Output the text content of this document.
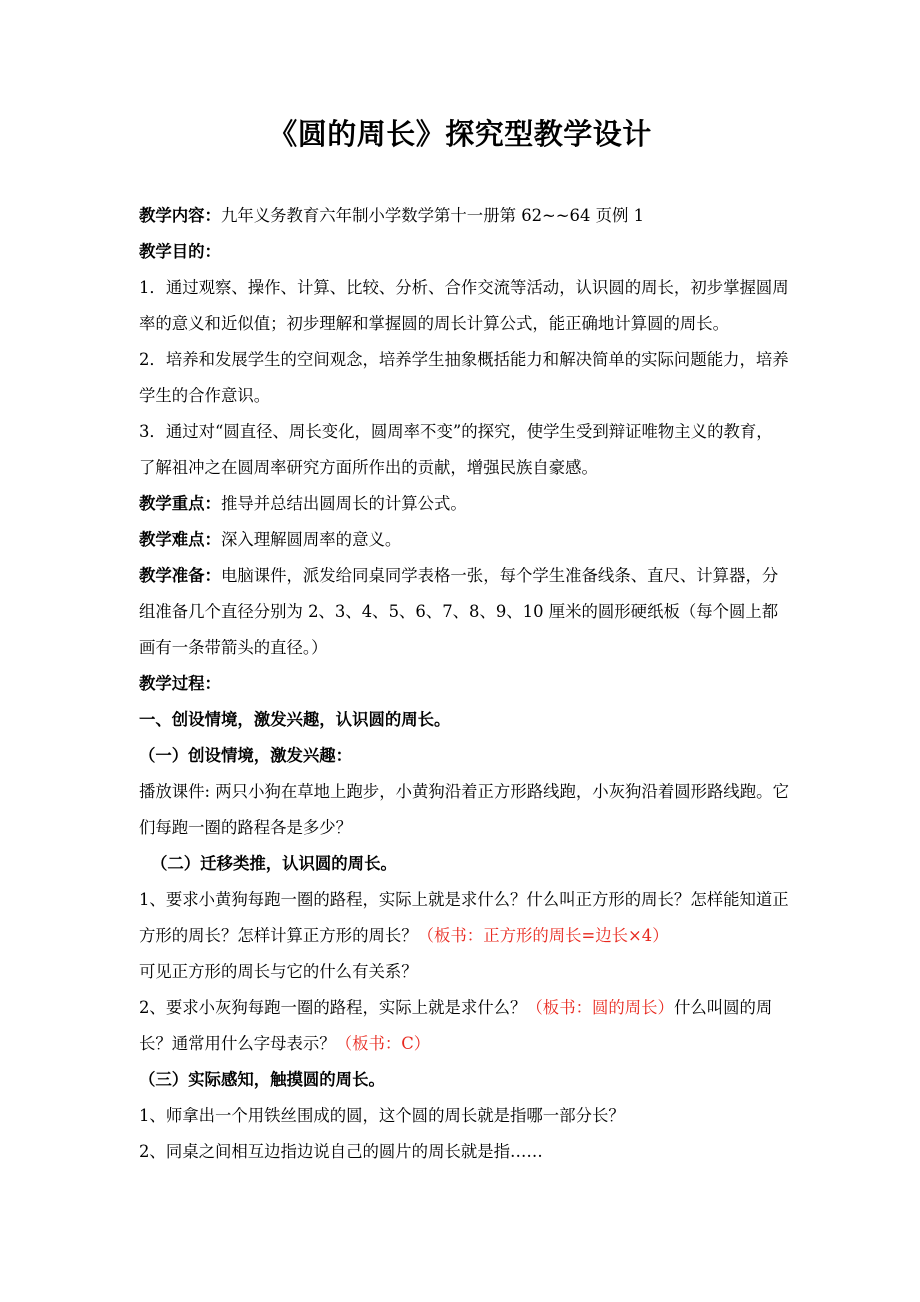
《圆的周长》探究型教学设计

教学内容：九年义务教育六年制小学数学第十一册第 62~~64 页例 1

教学目的：

1．通过观察、操作、计算、比较、分析、合作交流等活动，认识圆的周长，初步掌握圆周率的意义和近似值；初步理解和掌握圆的周长计算公式，能正确地计算圆的周长。

2．培养和发展学生的空间观念，培养学生抽象概括能力和解决简单的实际问题能力，培养学生的合作意识。

3．通过对“圆直径、周长变化，圆周率不变”的探究，使学生受到辩证唯物主义的教育，了解祖冲之在圆周率研究方面所作出的贡献，增强民族自豪感。

教学重点：推导并总结出圆周长的计算公式。

教学难点：深入理解圆周率的意义。

教学准备：电脑课件，派发给同桌同学表格一张，每个学生准备线条、直尺、计算器，分组准备几个直径分别为 2、3、4、5、6、7、8、9、10 厘米的圆形硬纸板（每个圆上都画有一条带箭头的直径。）

教学过程：

一、创设情境，激发兴趣，认识圆的周长。

（一）创设情境，激发兴趣：

播放课件: 两只小狗在草地上跑步，小黄狗沿着正方形路线跑，小灰狗沿着圆形路线跑。它们每跑一圈的路程各是多少？

（二）迁移类推，认识圆的周长。

1、要求小黄狗每跑一圈的路程，实际上就是求什么？什么叫正方形的周长？怎样能知道正方形的周长？怎样计算正方形的周长？（板书：正方形的周长=边长×4）

可见正方形的周长与它的什么有关系？

2、要求小灰狗每跑一圈的路程，实际上就是求什么？（板书：圆的周长）什么叫圆的周长？通常用什么字母表示？（板书：C）

（三）实际感知，触摸圆的周长。

1、师拿出一个用铁丝围成的圆，这个圆的周长就是指哪一部分长？

2、同桌之间相互边指边说自己的圆片的周长就是指……
